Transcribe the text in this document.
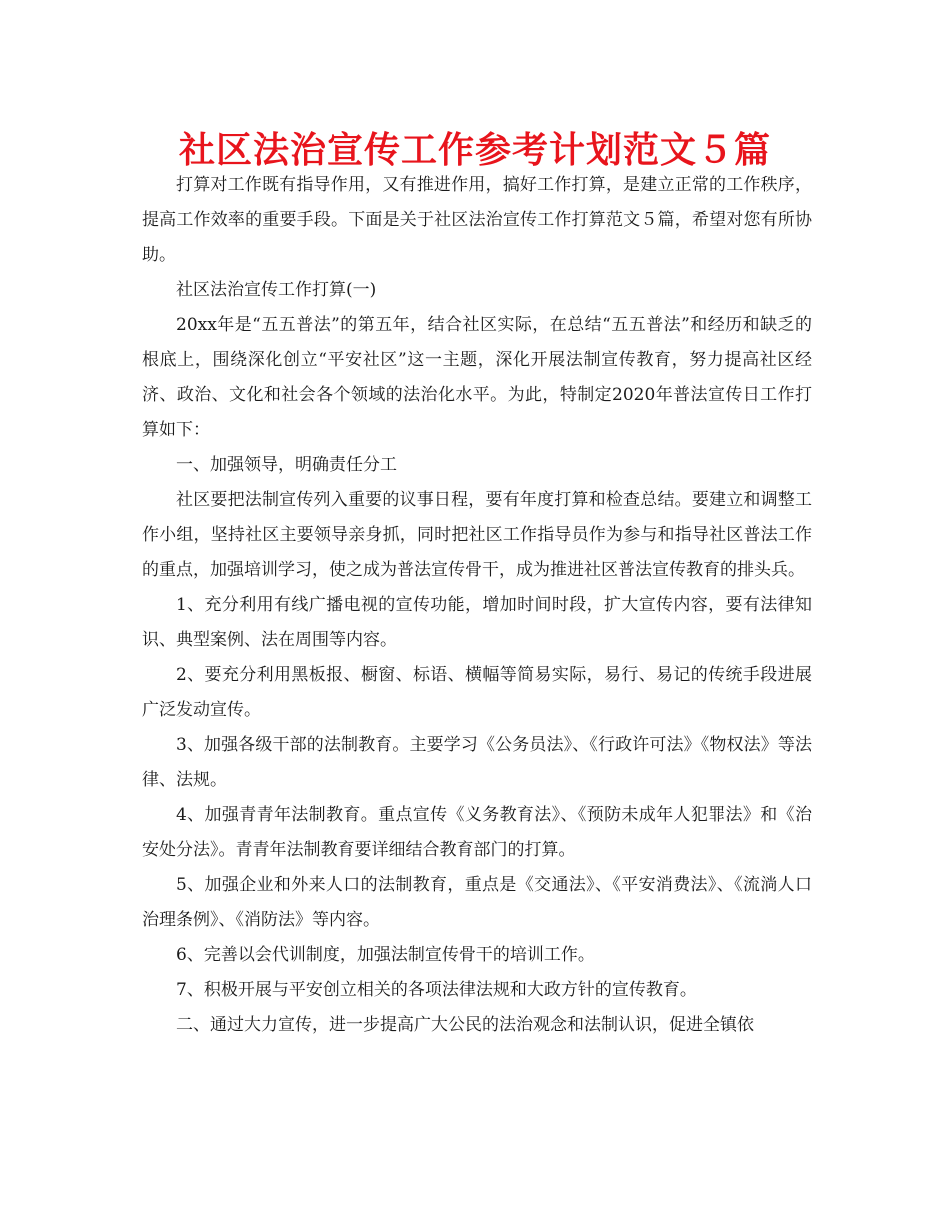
社区法治宣传工作参考计划范文５篇

打算对工作既有指导作用，又有推进作用，搞好工作打算，是建立正常的工作秩序，提高工作效率的重要手段。下面是关于社区法治宣传工作打算范文５篇，希望对您有所协助。

社区法治宣传工作打算(一)

20xx年是“五五普法”的第五年，结合社区实际，在总结“五五普法”和经历和缺乏的根底上，围绕深化创立“平安社区”这一主题，深化开展法制宣传教育，努力提高社区经济、政治、文化和社会各个领域的法治化水平。为此，特制定2020年普法宣传日工作打算如下：

一、加强领导，明确责任分工

社区要把法制宣传列入重要的议事日程，要有年度打算和检查总结。要建立和调整工作小组，坚持社区主要领导亲身抓，同时把社区工作指导员作为参与和指导社区普法工作的重点，加强培训学习，使之成为普法宣传骨干，成为推进社区普法宣传教育的排头兵。

1、充分利用有线广播电视的宣传功能，增加时间时段，扩大宣传内容，要有法律知识、典型案例、法在周围等内容。

2、要充分利用黑板报、橱窗、标语、横幅等简易实际，易行、易记的传统手段进展广泛发动宣传。

3、加强各级干部的法制教育。主要学习《公务员法》、《行政许可法》《物权法》等法律、法规。

4、加强青青年法制教育。重点宣传《义务教育法》、《预防未成年人犯罪法》和《治安处分法》。青青年法制教育要详细结合教育部门的打算。

5、加强企业和外来人口的法制教育，重点是《交通法》、《平安消费法》、《流淌人口治理条例》、《消防法》等内容。

6、完善以会代训制度，加强法制宣传骨干的培训工作。

7、积极开展与平安创立相关的各项法律法规和大政方针的宣传教育。

二、通过大力宣传，进一步提高广大公民的法治观念和法制认识，促进全镇依
